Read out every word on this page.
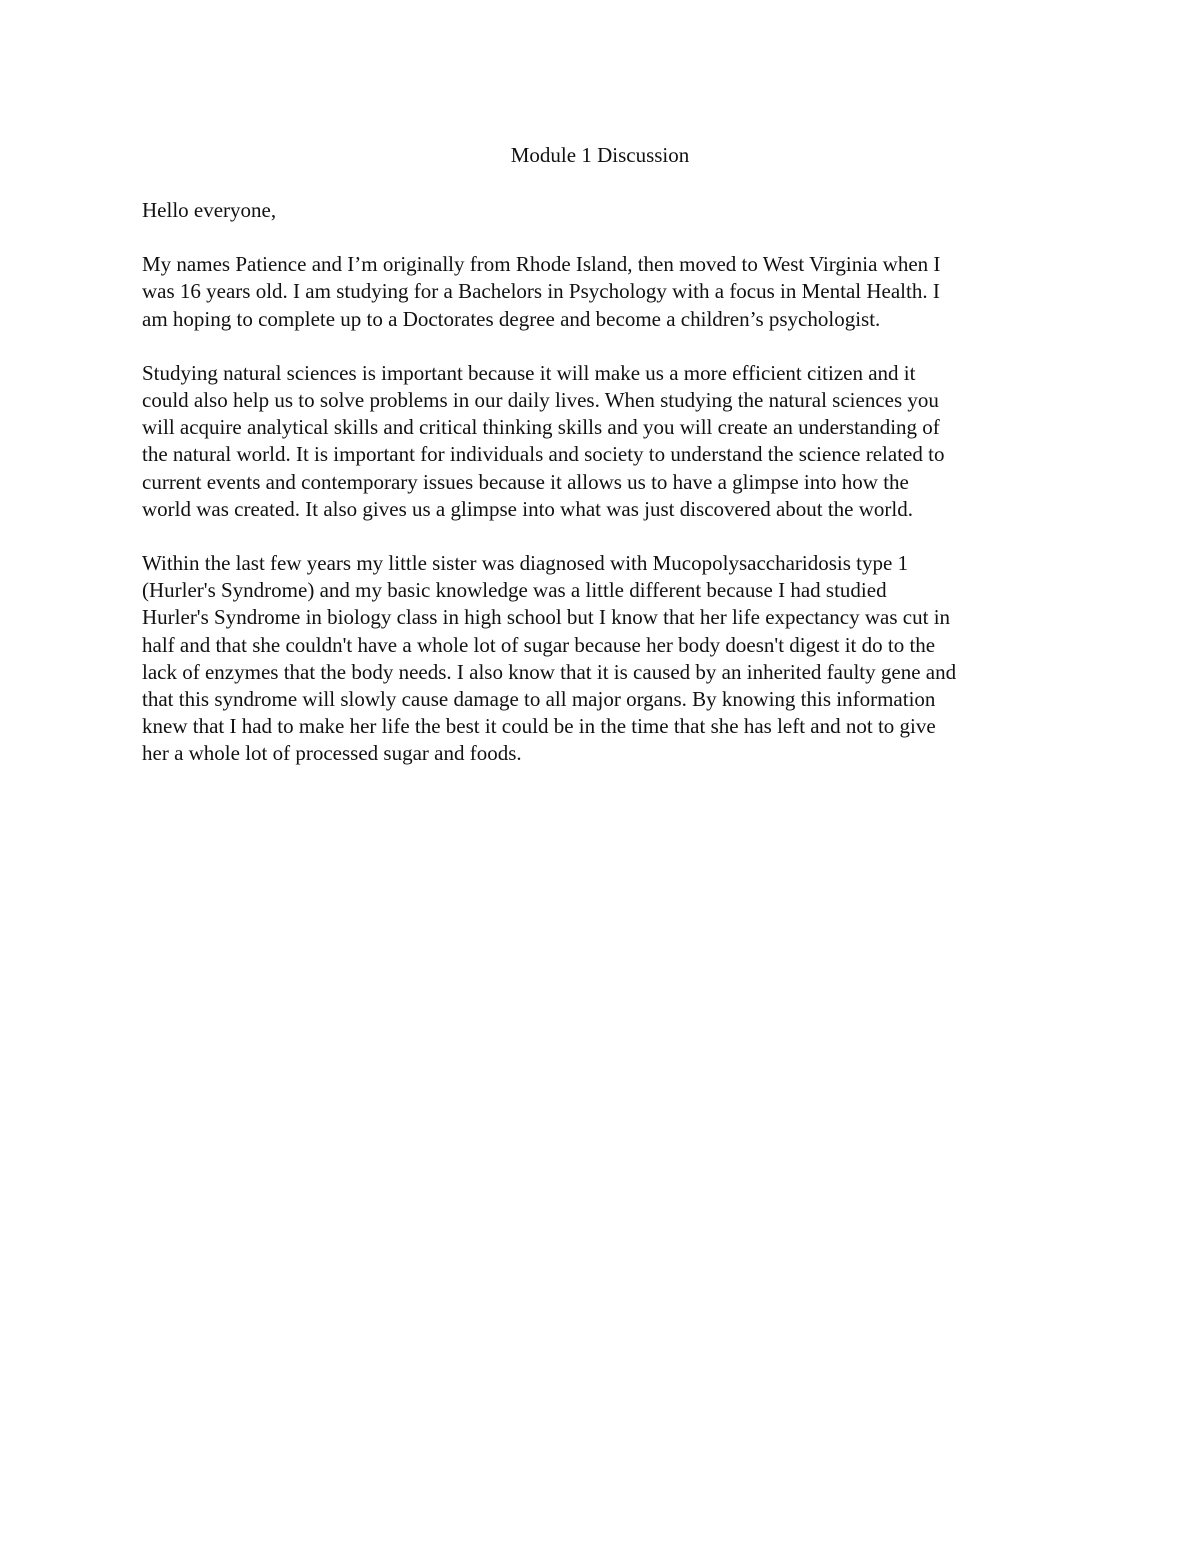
Module 1 Discussion

Hello everyone,

My names Patience and I’m originally from Rhode Island, then moved to West Virginia when I
was 16 years old. I am studying for a Bachelors in Psychology with a focus in Mental Health. I
am hoping to complete up to a Doctorates degree and become a children’s psychologist.

Studying natural sciences is important because it will make us a more efficient citizen and it
could also help us to solve problems in our daily lives. When studying the natural sciences you
will acquire analytical skills and critical thinking skills and you will create an understanding of
the natural world. It is important for individuals and society to understand the science related to
current events and contemporary issues because it allows us to have a glimpse into how the
world was created. It also gives us a glimpse into what was just discovered about the world.

Within the last few years my little sister was diagnosed with Mucopolysaccharidosis type 1
(Hurler's Syndrome) and my basic knowledge was a little different because I had studied
Hurler's Syndrome in biology class in high school but I know that her life expectancy was cut in
half and that she couldn't have a whole lot of sugar because her body doesn't digest it do to the
lack of enzymes that the body needs. I also know that it is caused by an inherited faulty gene and
that this syndrome will slowly cause damage to all major organs. By knowing this information
knew that I had to make her life the best it could be in the time that she has left and not to give
her a whole lot of processed sugar and foods.
